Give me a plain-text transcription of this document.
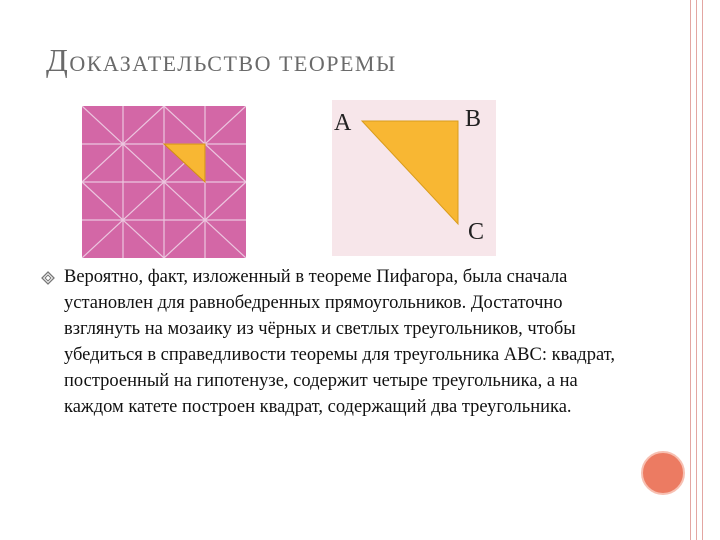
ДОКАЗАТЕЛЬСТВО ТЕОРЕМЫ
A	B
C

Вероятно, факт, изложенный в теореме Пифагора, была сначала установлен для равнобедренных прямоугольников. Достаточно взглянуть на мозаику из чёрных и светлых треугольников, чтобы убедиться в справедливости теоремы для треугольника ABC: квадрат, построенный на гипотенузе, содержит четыре треугольника, а на каждом катете построен квадрат, содержащий два треугольника.
